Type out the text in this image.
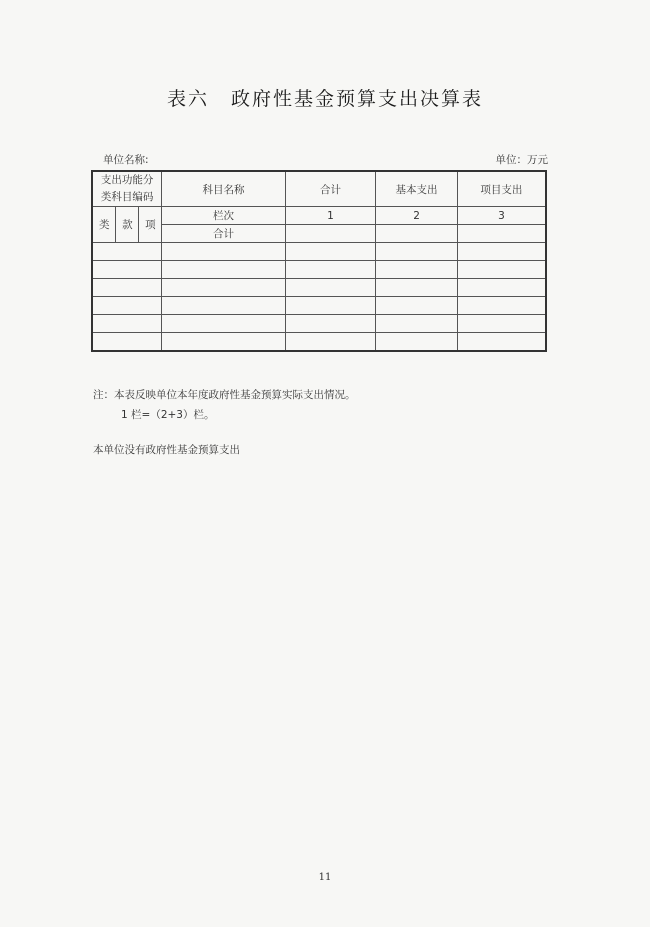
表六 政府性基金预算支出决算表
单位名称:	单位：万元
支出功能分
类科目编码			科目名称	合计	基本支出	项目支出
类	款	项	栏次	1	2	3
			合计			

注：本表反映单位本年度政府性基金预算实际支出情况。
1 栏=（2+3）栏。
本单位没有政府性基金预算支出
11
